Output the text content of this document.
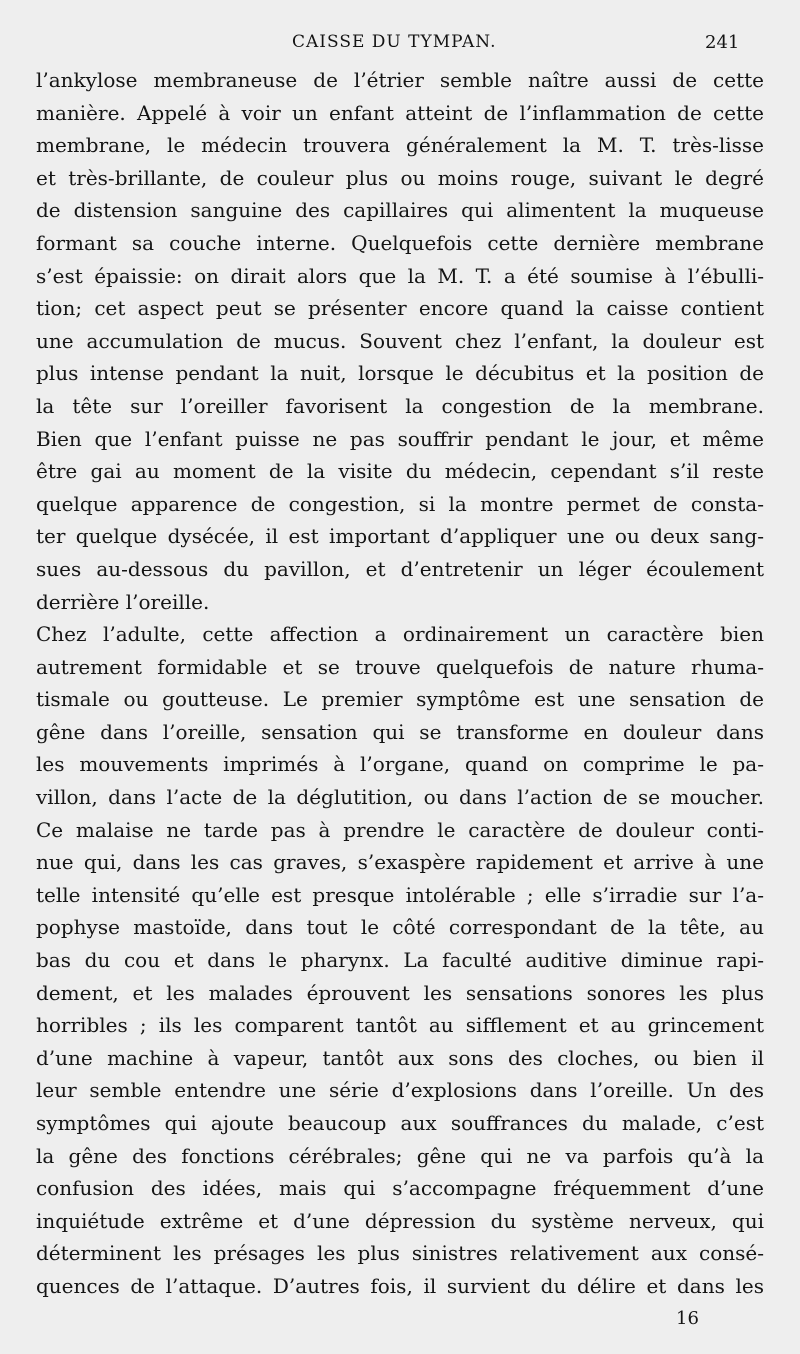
CAISSE DU TYMPAN.	241
l’ankylose membraneuse de l’étrier semble naître aussi de cette
manière. Appelé à voir un enfant atteint de l’inflammation de cette
membrane, le médecin trouvera généralement la M. T. très-lisse
et très-brillante, de couleur plus ou moins rouge, suivant le degré
de distension sanguine des capillaires qui alimentent la muqueuse
formant sa couche interne. Quelquefois cette dernière membrane
s’est épaissie: on dirait alors que la M. T. a été soumise à l’ébulli-
tion; cet aspect peut se présenter encore quand la caisse contient
une accumulation de mucus. Souvent chez l’enfant, la douleur est
plus intense pendant la nuit, lorsque le décubitus et la position de
la tête sur l’oreiller favorisent la congestion de la membrane.
Bien que l’enfant puisse ne pas souffrir pendant le jour, et même
être gai au moment de la visite du médecin, cependant s’il reste
quelque apparence de congestion, si la montre permet de consta-
ter quelque dysécée, il est important d’appliquer une ou deux sang-
sues au-dessous du pavillon, et d’entretenir un léger écoulement
derrière l’oreille.
Chez l’adulte, cette affection a ordinairement un caractère bien
autrement formidable et se trouve quelquefois de nature rhuma-
tismale ou goutteuse. Le premier symptôme est une sensation de
gêne dans l’oreille, sensation qui se transforme en douleur dans
les mouvements imprimés à l’organe, quand on comprime le pa-
villon, dans l’acte de la déglutition, ou dans l’action de se moucher.
Ce malaise ne tarde pas à prendre le caractère de douleur conti-
nue qui, dans les cas graves, s’exaspère rapidement et arrive à une
telle intensité qu’elle est presque intolérable ; elle s’irradie sur l’a-
pophyse mastoïde, dans tout le côté correspondant de la tête, au
bas du cou et dans le pharynx. La faculté auditive diminue rapi-
dement, et les malades éprouvent les sensations sonores les plus
horribles ; ils les comparent tantôt au sifflement et au grincement
d’une machine à vapeur, tantôt aux sons des cloches, ou bien il
leur semble entendre une série d’explosions dans l’oreille. Un des
symptômes qui ajoute beaucoup aux souffrances du malade, c’est
la gêne des fonctions cérébrales; gêne qui ne va parfois qu’à la
confusion des idées, mais qui s’accompagne fréquemment d’une
inquiétude extrême et d’une dépression du système nerveux, qui
déterminent les présages les plus sinistres relativement aux consé-
quences de l’attaque. D’autres fois, il survient du délire et dans les
16
